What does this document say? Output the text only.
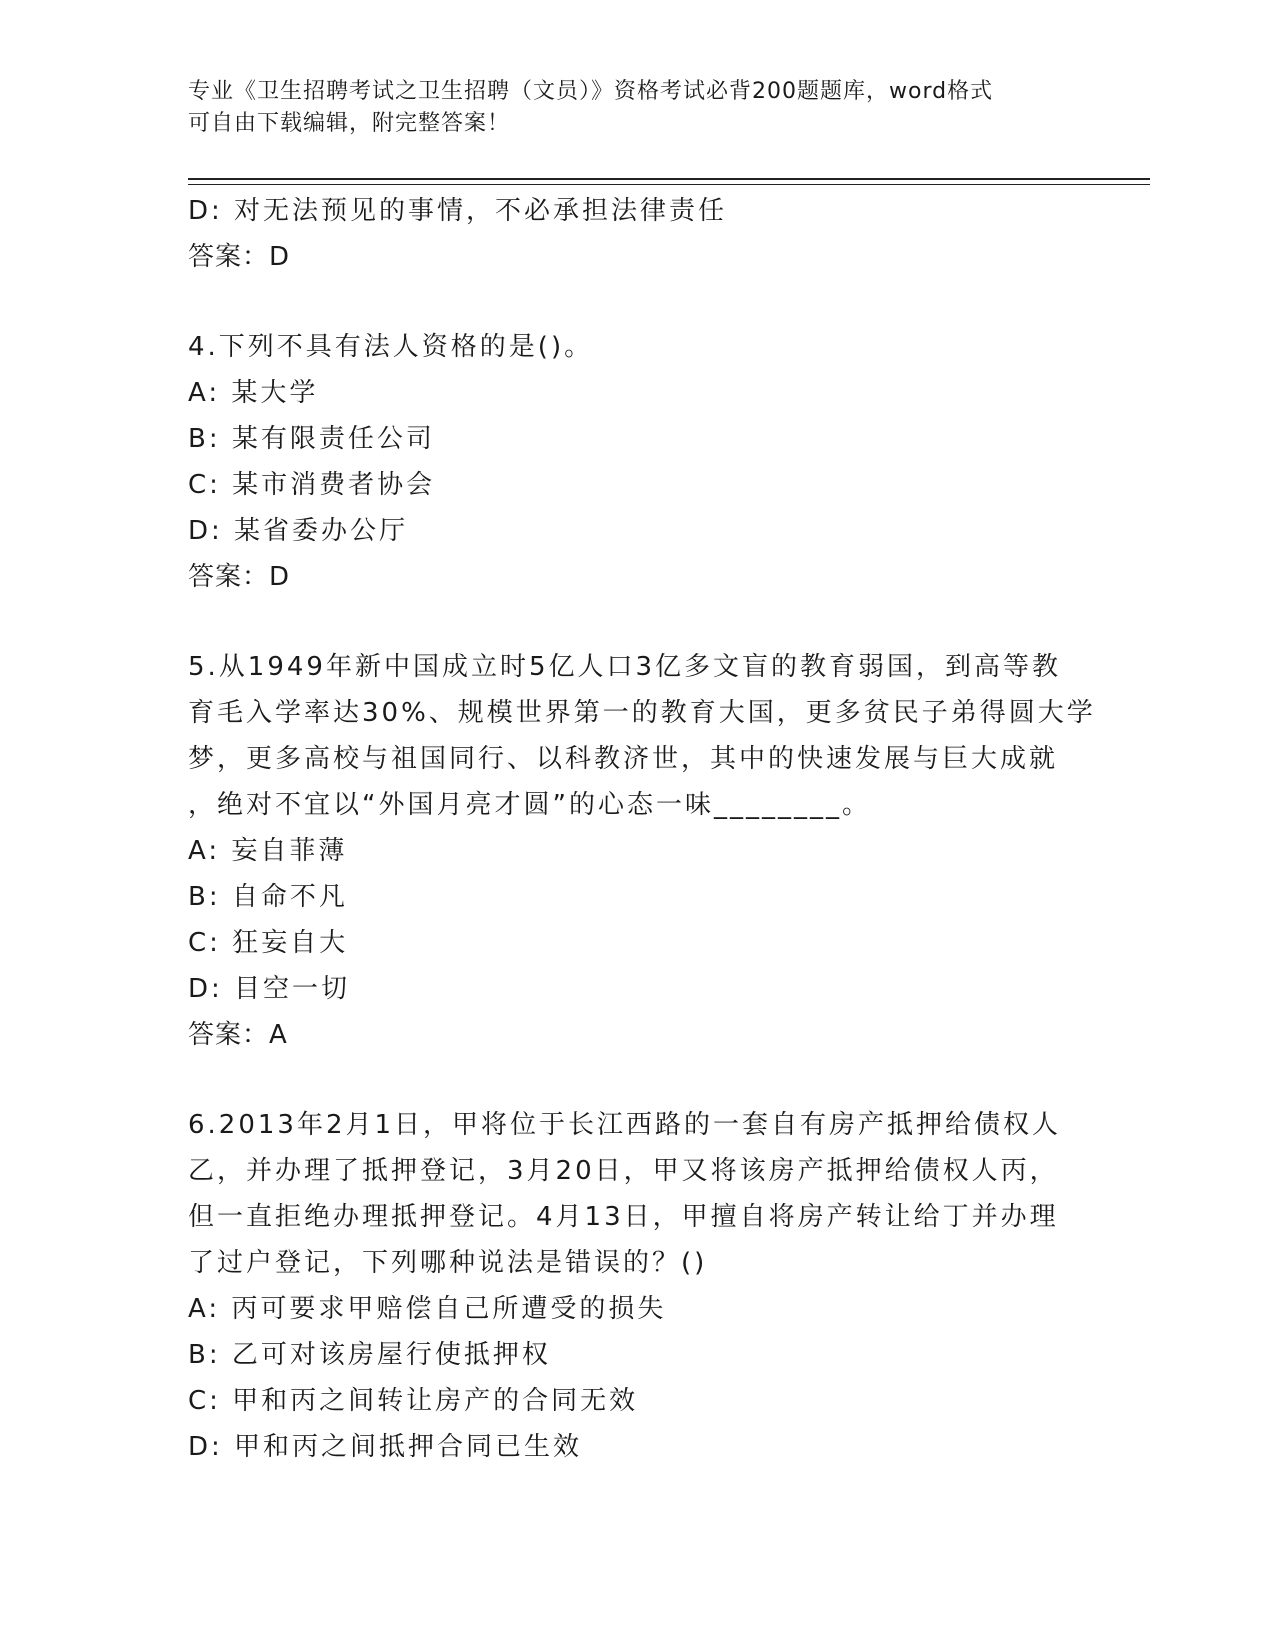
专业《卫生招聘考试之卫生招聘（文员）》资格考试必背200题题库，word格式
可自由下载编辑，附完整答案！
D: 对无法预见的事情，不必承担法律责任
答案：D
4.下列不具有法人资格的是()。
A: 某大学
B: 某有限责任公司
C: 某市消费者协会
D: 某省委办公厅
答案：D
5.从1949年新中国成立时5亿人口3亿多文盲的教育弱国，到高等教
育毛入学率达30%、规模世界第一的教育大国，更多贫民子弟得圆大学
梦，更多高校与祖国同行、以科教济世，其中的快速发展与巨大成就
，绝对不宜以“外国月亮才圆”的心态一味________。
A: 妄自菲薄
B: 自命不凡
C: 狂妄自大
D: 目空一切
答案：A
6.2013年2月1日，甲将位于长江西路的一套自有房产抵押给债权人
乙，并办理了抵押登记，3月20日，甲又将该房产抵押给债权人丙，
但一直拒绝办理抵押登记。4月13日，甲擅自将房产转让给丁并办理
了过户登记，下列哪种说法是错误的？()
A: 丙可要求甲赔偿自己所遭受的损失
B: 乙可对该房屋行使抵押权
C: 甲和丙之间转让房产的合同无效
D: 甲和丙之间抵押合同已生效
